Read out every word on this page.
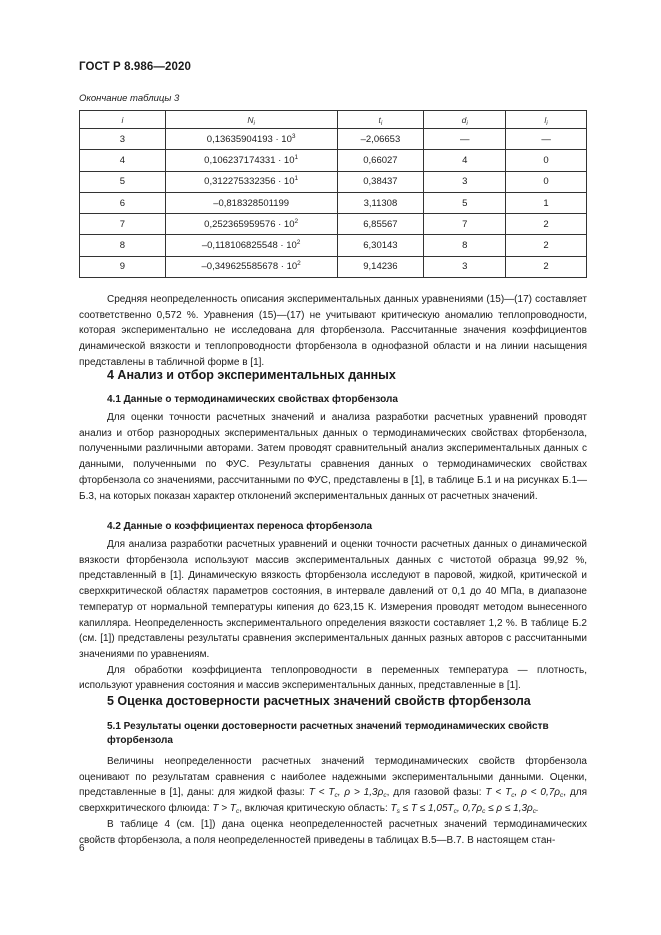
ГОСТ Р 8.986—2020
Окончание таблицы 3
i	$N_i$	$t_i$	$d_i$	$l_i$
3	$0,13635904193 \cdot 10^3$	–2,06653	—	—
4	$0,106237174331 \cdot 10^1$	0,66027	4	0
5	$0,312275332356 \cdot 10^1$	0,38437	3	0
6	–0,818328501199	3,11308	5	1
7	$0,252365959576 \cdot 10^2$	6,85567	7	2
8	$-0,118106825548 \cdot 10^2$	6,30143	8	2
9	$-0,349625585678 \cdot 10^2$	9,14236	3	2

Средняя неопределенность описания экспериментальных данных уравнениями (15)—(17) составляет соответственно 0,572 %. Уравнения (15)—(17) не учитывают критическую аномалию теплопроводности, которая экспериментально не исследована для фторбензола. Рассчитанные значения коэффициентов динамической вязкости и теплопроводности фторбензола в однофазной области и на линии насыщения представлены в табличной форме в [1].

4 Анализ и отбор экспериментальных данных
4.1 Данные о термодинамических свойствах фторбензола

Для оценки точности расчетных значений и анализа разработки расчетных уравнений проводят анализ и отбор разнородных экспериментальных данных о термодинамических свойствах фторбензола, полученными различными авторами. Затем проводят сравнительный анализ экспериментальных данных с данными, полученными по ФУС. Результаты сравнения данных о термодинамических свойствах фторбензола со значениями, рассчитанными по ФУС, представлены в [1], в таблице Б.1 и на рисунках Б.1—Б.3, на которых показан характер отклонений экспериментальных данных от расчетных значений.

4.2 Данные о коэффициентах переноса фторбензола

Для анализа разработки расчетных уравнений и оценки точности расчетных данных о динамической вязкости фторбензола используют массив экспериментальных данных с чистотой образца 99,92 %, представленный в [1]. Динамическую вязкость фторбензола исследуют в паровой, жидкой, критической и сверхкритической областях параметров состояния, в интервале давлений от 0,1 до 40 МПа, в диапазоне температур от нормальной температуры кипения до 623,15 К. Измерения проводят методом вынесенного капилляра. Неопределенность экспериментального определения вязкости составляет 1,2 %. В таблице Б.2 (см. [1]) представлены результаты сравнения экспериментальных данных разных авторов с рассчитанными значениями по уравнениям.

Для обработки коэффициента теплопроводности в переменных температура — плотность, используют уравнения состояния и массив экспериментальных данных, представленные в [1].

5 Оценка достоверности расчетных значений свойств фторбензола
5.1 Результаты оценки достоверности расчетных значений термодинамических свойств фторбензола

Величины неопределенности расчетных значений термодинамических свойств фторбензола оценивают по результатам сравнения с наиболее надежными экспериментальными данными. Оценки, представленные в [1], даны: для жидкой фазы: $T < T_c$, $\rho > 1,3\rho_c$, для газовой фазы: $T < T_c$, $\rho < 0,7\rho_c$, для сверхкритического флюида: $T > T_c$, включая критическую область: $T_s \le T \le 1,05T_c$, $0,7\rho_c \le \rho \le 1,3\rho_c$.

В таблице 4 (см. [1]) дана оценка неопределенностей расчетных значений термодинамических свойств фторбензола, а поля неопределенностей приведены в таблицах В.5—В.7. В настоящем стан-

6
